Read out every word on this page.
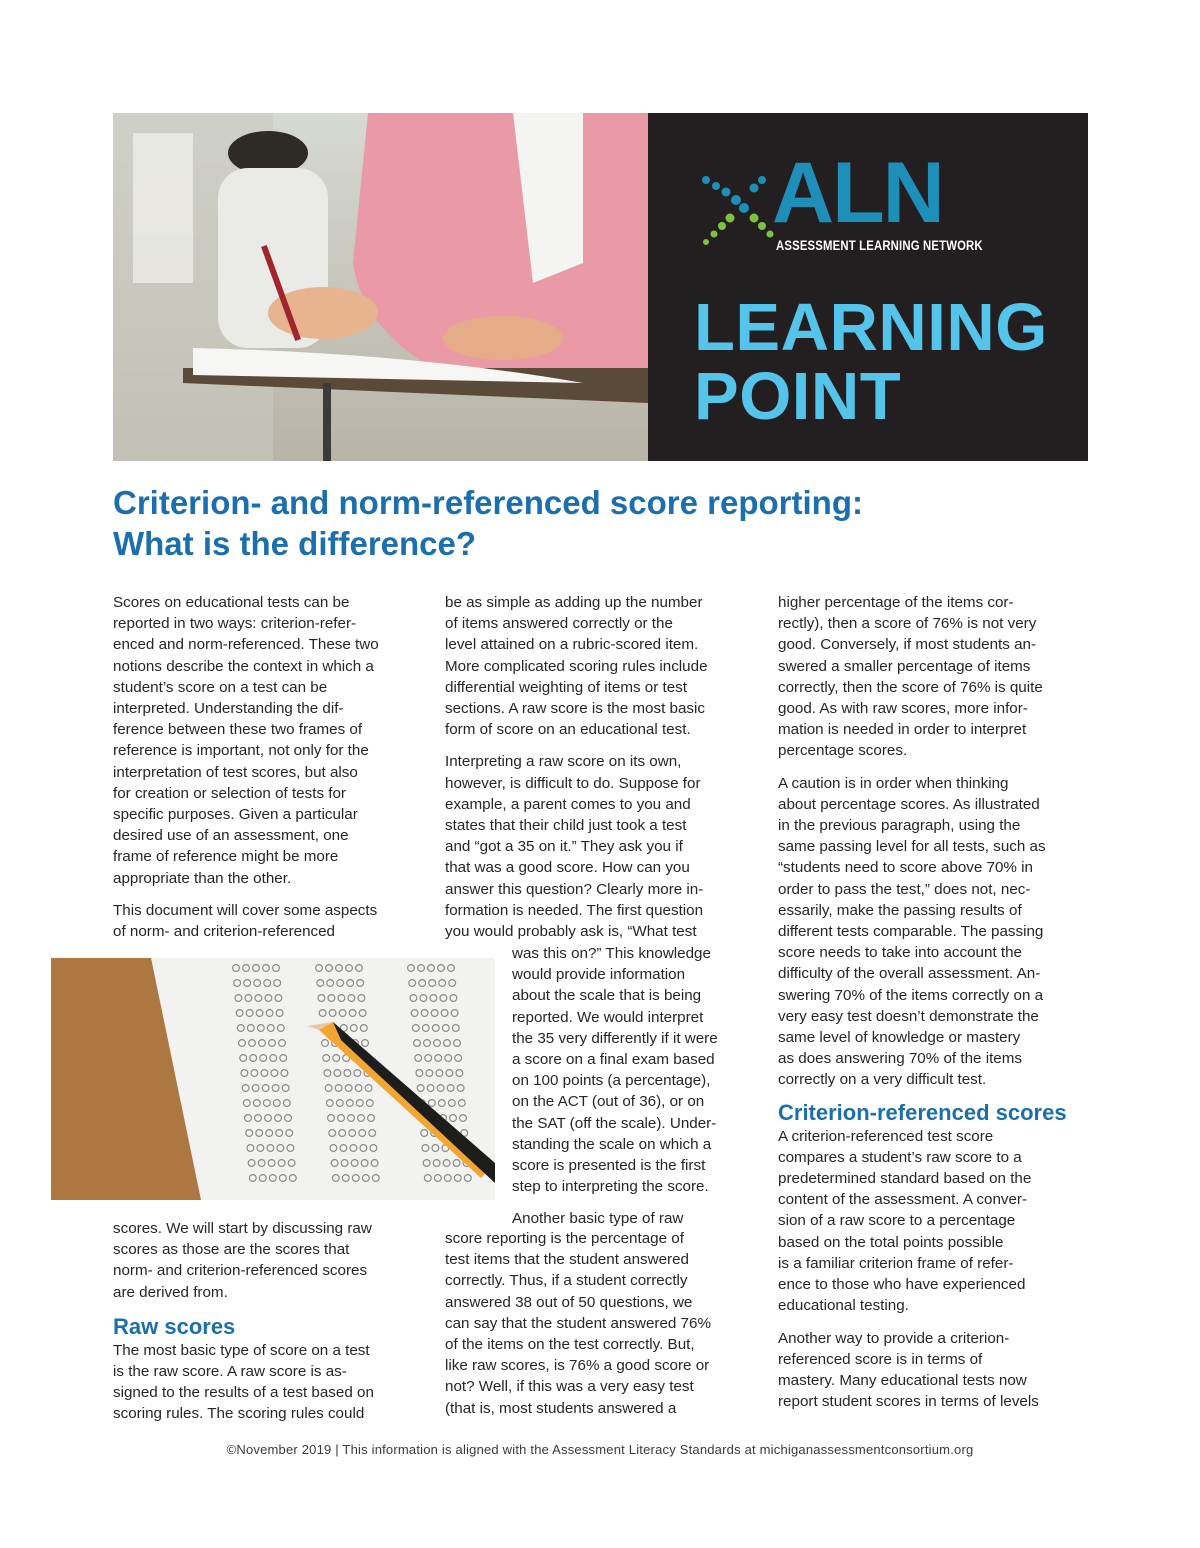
ALN
ASSESSMENT LEARNING NETWORK
LEARNING
POINT
Criterion- and norm-referenced score reporting:
What is the difference?

Scores on educational tests can be
reported in two ways: criterion-refer-
enced and norm-referenced. These two
notions describe the context in which a
student’s score on a test can be
interpreted. Understanding the dif-
ference between these two frames of
reference is important, not only for the
interpretation of test scores, but also
for creation or selection of tests for
specific purposes. Given a particular
desired use of an assessment, one
frame of reference might be more
appropriate than the other.

This document will cover some aspects
of norm- and criterion-referenced

scores. We will start by discussing raw
scores as those are the scores that
norm- and criterion-referenced scores
are derived from.

Raw scores

The most basic type of score on a test
is the raw score. A raw score is as-
signed to the results of a test based on
scoring rules. The scoring rules could

be as simple as adding up the number
of items answered correctly or the
level attained on a rubric-scored item.
More complicated scoring rules include
differential weighting of items or test
sections. A raw score is the most basic
form of score on an educational test.

Interpreting a raw score on its own,
however, is difficult to do. Suppose for
example, a parent comes to you and
states that their child just took a test
and “got a 35 on it.” They ask you if
that was a good score. How can you
answer this question? Clearly more in-
formation is needed. The first question
you would probably ask is, “What test

was this on?” This knowledge
would provide information
about the scale that is being
reported. We would interpret
the 35 very differently if it were
a score on a final exam based
on 100 points (a percentage),
on the ACT (out of 36), or on
the SAT (off the scale). Under-
standing the scale on which a
score is presented is the first
step to interpreting the score.

Another basic type of raw

score reporting is the percentage of
test items that the student answered
correctly. Thus, if a student correctly
answered 38 out of 50 questions, we
can say that the student answered 76%
of the items on the test correctly. But,
like raw scores, is 76% a good score or
not? Well, if this was a very easy test
(that is, most students answered a

higher percentage of the items cor-
rectly), then a score of 76% is not very
good. Conversely, if most students an-
swered a smaller percentage of items
correctly, then the score of 76% is quite
good. As with raw scores, more infor-
mation is needed in order to interpret
percentage scores.

A caution is in order when thinking
about percentage scores. As illustrated
in the previous paragraph, using the
same passing level for all tests, such as
“students need to score above 70% in
order to pass the test,” does not, nec-
essarily, make the passing results of
different tests comparable. The passing
score needs to take into account the
difficulty of the overall assessment. An-
swering 70% of the items correctly on a
very easy test doesn’t demonstrate the
same level of knowledge or mastery
as does answering 70% of the items
correctly on a very difficult test.

Criterion-referenced scores

A criterion-referenced test score
compares a student’s raw score to a
predetermined standard based on the
content of the assessment. A conver-
sion of a raw score to a percentage
based on the total points possible
is a familiar criterion frame of refer-
ence to those who have experienced
educational testing.

Another way to provide a criterion-
referenced score is in terms of
mastery. Many educational tests now
report student scores in terms of levels

©November 2019 | This information is aligned with the Assessment Literacy Standards at michiganassessmentconsortium.org
